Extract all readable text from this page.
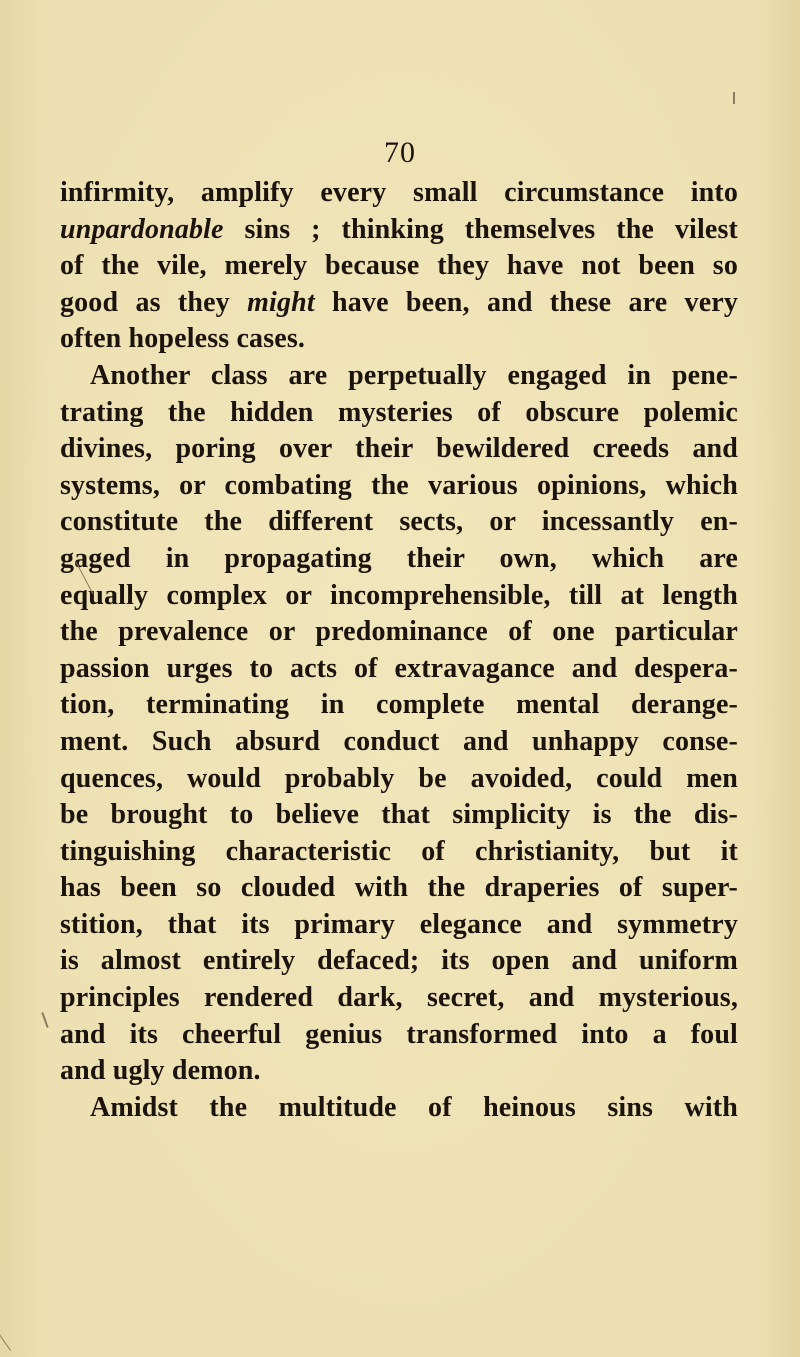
70

infirmity, amplify every small circumstance into
unpardonable sins ; thinking themselves the vilest
of the vile, merely because they have not been so
good as they might have been, and these are very
often hopeless cases.

Another class are perpetually engaged in pene-
trating the hidden mysteries of obscure polemic
divines, poring over their bewildered creeds and
systems, or combating the various opinions, which
constitute the different sects, or incessantly en-
gaged in propagating their own, which are
equally complex or incomprehensible, till at length
the prevalence or predominance of one particular
passion urges to acts of extravagance and despera-
tion, terminating in complete mental derange-
ment. Such absurd conduct and unhappy conse-
quences, would probably be avoided, could men
be brought to believe that simplicity is the dis-
tinguishing characteristic of christianity, but it
has been so clouded with the draperies of super-
stition, that its primary elegance and symmetry
is almost entirely defaced; its open and uniform
principles rendered dark, secret, and mysterious,
and its cheerful genius transformed into a foul
and ugly demon.

Amidst the multitude of heinous sins with
